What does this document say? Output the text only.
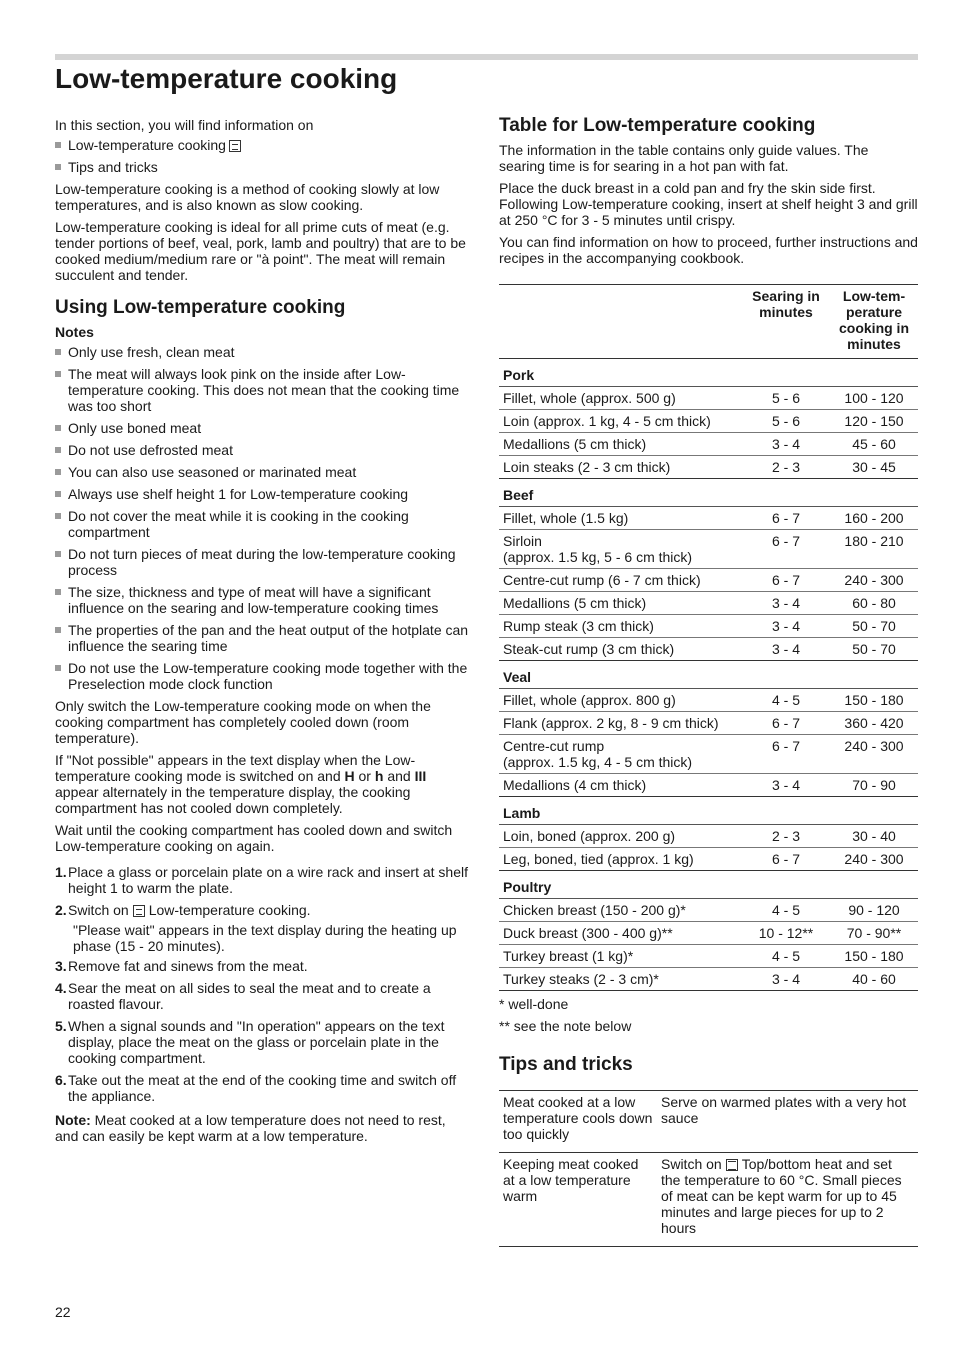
Low-temperature cooking

In this section, you will find information on

Low-temperature cooking
Tips and tricks

Low-temperature cooking is a method of cooking slowly at low temperatures, and is also known as slow cooking.

Low-temperature cooking is ideal for all prime cuts of meat (e.g. tender portions of beef, veal, pork, lamb and poultry) that are to be cooked medium/medium rare or "à point". The meat will remain succulent and tender.

Using Low-temperature cooking
Notes
Only use fresh, clean meat
The meat will always look pink on the inside after Low-temperature cooking. This does not mean that the cooking time was too short
Only use boned meat
Do not use defrosted meat
You can also use seasoned or marinated meat
Always use shelf height 1 for Low-temperature cooking
Do not cover the meat while it is cooking in the cooking compartment
Do not turn pieces of meat during the low-temperature cooking process
The size, thickness and type of meat will have a significant influence on the searing and low-temperature cooking times
The properties of the pan and the heat output of the hotplate can influence the searing time
Do not use the Low-temperature cooking mode together with the Preselection mode clock function

Only switch the Low-temperature cooking mode on when the cooking compartment has completely cooled down (room temperature).

If "Not possible" appears in the text display when the Low-temperature cooking mode is switched on and H or h and III appear alternately in the temperature display, the cooking compartment has not cooled down completely.

Wait until the cooking compartment has cooled down and switch Low-temperature cooking on again.

1. Place a glass or porcelain plate on a wire rack and insert at shelf height 1 to warm the plate.
2. Switch on Low-temperature cooking.
"Please wait" appears in the text display during the heating up phase (15 - 20 minutes).
3. Remove fat and sinews from the meat.
4. Sear the meat on all sides to seal the meat and to create a roasted flavour.
5. When a signal sounds and "In operation" appears on the text display, place the meat on the glass or porcelain plate in the cooking compartment.
6. Take out the meat at the end of the cooking time and switch off the appliance.

Note: Meat cooked at a low temperature does not need to rest, and can easily be kept warm at a low temperature.

Table for Low-temperature cooking

The information in the table contains only guide values. The searing time is for searing in a hot pan with fat.

Place the duck breast in a cold pan and fry the skin side first. Following Low-temperature cooking, insert at shelf height 3 and grill at 250 °C for 3 - 5 minutes until crispy.

You can find information on how to proceed, further instructions and recipes in the accompanying cookbook.

	Searing in minutes	Low-tem-
perature
cooking in
minutes
Pork		
Fillet, whole (approx. 500 g)	5 - 6	100 - 120
Loin (approx. 1 kg, 4 - 5 cm thick)	5 - 6	120 - 150
Medallions (5 cm thick)	3 - 4	45 - 60
Loin steaks (2 - 3 cm thick)	2 - 3	30 - 45
Beef		
Fillet, whole (1.5 kg)	6 - 7	160 - 200
Sirloin
(approx. 1.5 kg, 5 - 6 cm thick)	6 - 7	180 - 210
Centre-cut rump (6 - 7 cm thick)	6 - 7	240 - 300
Medallions (5 cm thick)	3 - 4	60 - 80
Rump steak (3 cm thick)	3 - 4	50 - 70
Steak-cut rump (3 cm thick)	3 - 4	50 - 70
Veal		
Fillet, whole (approx. 800 g)	4 - 5	150 - 180
Flank (approx. 2 kg, 8 - 9 cm thick)	6 - 7	360 - 420
Centre-cut rump
(approx. 1.5 kg, 4 - 5 cm thick)	6 - 7	240 - 300
Medallions (4 cm thick)	3 - 4	70 - 90
Lamb		
Loin, boned (approx. 200 g)	2 - 3	30 - 40
Leg, boned, tied (approx. 1 kg)	6 - 7	240 - 300
Poultry		
Chicken breast (150 - 200 g)*	4 - 5	90 - 120
Duck breast (300 - 400 g)**	10 - 12**	70 - 90**
Turkey breast (1 kg)*	4 - 5	150 - 180
Turkey steaks (2 - 3 cm)*	3 - 4	40 - 60

* well-done

** see the note below

Tips and tricks
Meat cooked at a low temperature cools down too quickly	Serve on warmed plates with a very hot sauce
Keeping meat cooked at a low temperature warm	Switch on Top/bottom heat and set the temperature to 60 °C. Small pieces of meat can be kept warm for up to 45 minutes and large pieces for up to 2 hours
22
